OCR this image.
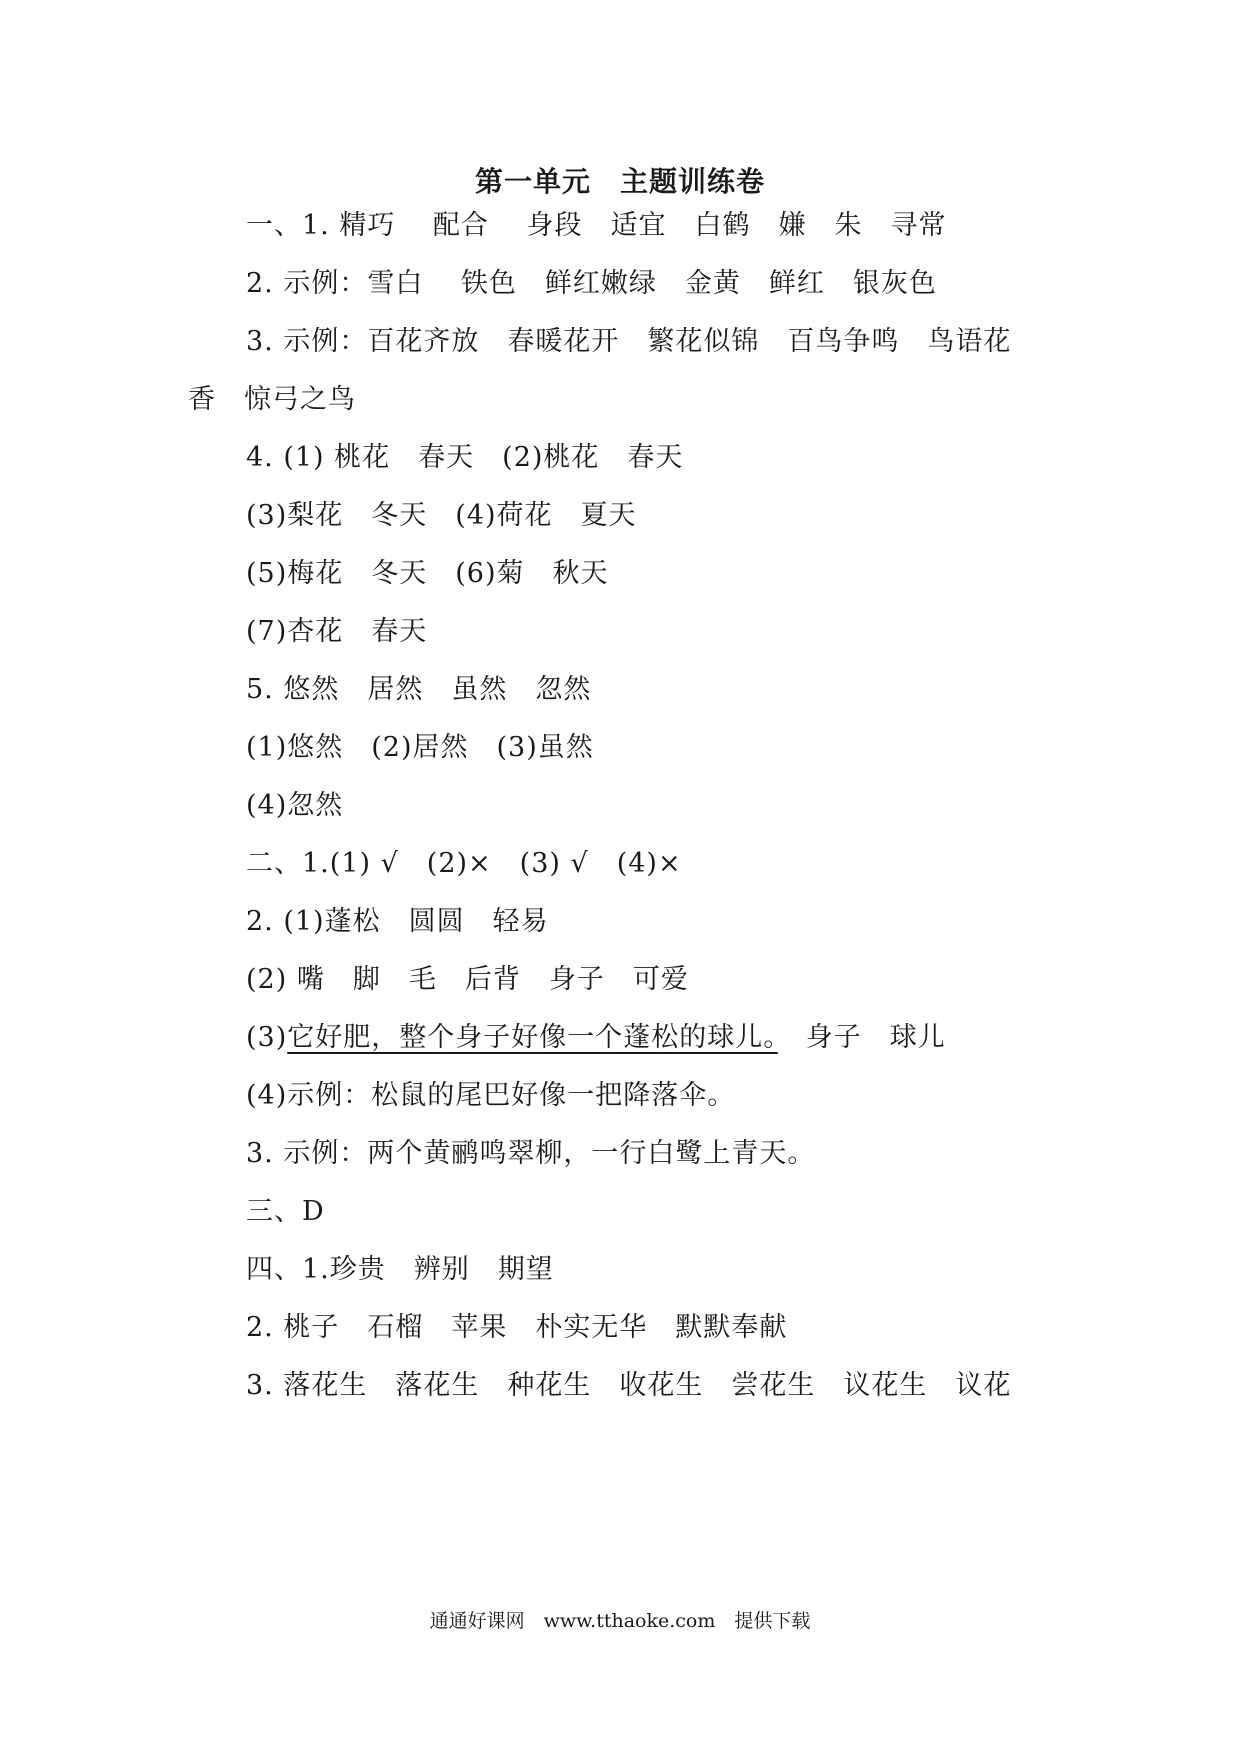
第一单元　主题训练卷
一、1. 精巧　 配合　 身段　适宜　白鹤　嫌　朱　寻常
2. 示例：雪白　 铁色　鲜红嫩绿　金黄　鲜红　银灰色
3. 示例：百花齐放　春暖花开　繁花似锦　百鸟争鸣　鸟语花
香　惊弓之鸟
4. (1) 桃花　春天　(2)桃花　春天
(3)梨花　冬天　(4)荷花　夏天
(5)梅花　冬天　(6)菊　秋天
(7)杏花　春天
5. 悠然　居然　虽然　忽然
(1)悠然　(2)居然　(3)虽然
(4)忽然
二、1.(1) √　(2)×　(3) √　(4)×
2. (1)蓬松　圆圆　轻易
(2) 嘴　脚　毛　后背　身子　可爱
(3)它好肥，整个身子好像一个蓬松的球儿。　身子　球儿
(4)示例：松鼠的尾巴好像一把降落伞。
3. 示例：两个黄鹂鸣翠柳，一行白鹭上青天。
三、D
四、1.珍贵　辨别　期望
2. 桃子　石榴　苹果　朴实无华　默默奉献
3. 落花生　落花生　种花生　收花生　尝花生　议花生　议花
通通好课网　www.tthaoke.com　提供下载
